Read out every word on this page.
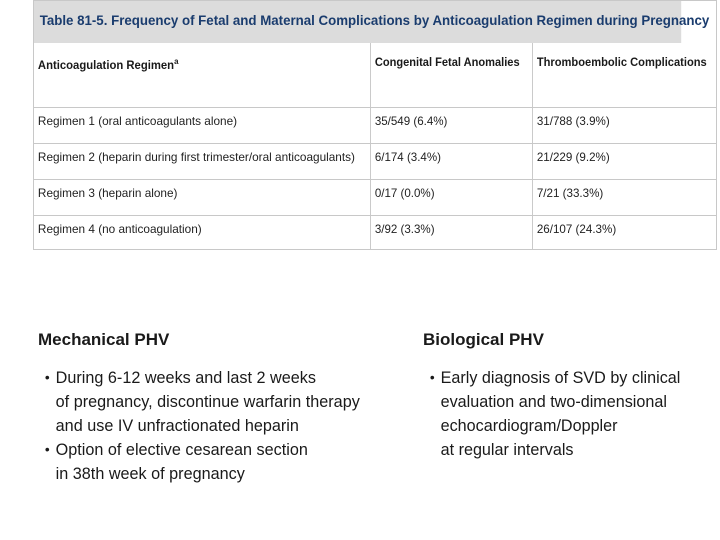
Table 81-5. Frequency of Fetal and Maternal Complications by Anticoagulation Regimen during Pregnancy
Anticoagulation Regimen$^a$	Congenital Fetal Anomalies	Thromboembolic Complications
Regimen 1 (oral anticoagulants alone)	35/549 (6.4%)	31/788 (3.9%)
Regimen 2 (heparin during first trimester/oral anticoagulants)	6/174 (3.4%)	21/229 (9.2%)
Regimen 3 (heparin alone)	0/17 (0.0%)	7/21 (33.3%)
Regimen 4 (no anticoagulation)	3/92 (3.3%)	26/107 (24.3%)
Mechanical PHV
• During 6-12 weeks and last 2 weeks
of pregnancy, discontinue warfarin therapy
and use IV unfractionated heparin
• Option of elective cesarean section
in 38th week of pregnancy
Biological PHV
• Early diagnosis of SVD by clinical
evaluation and two-dimensional
echocardiogram/Doppler
at regular intervals
